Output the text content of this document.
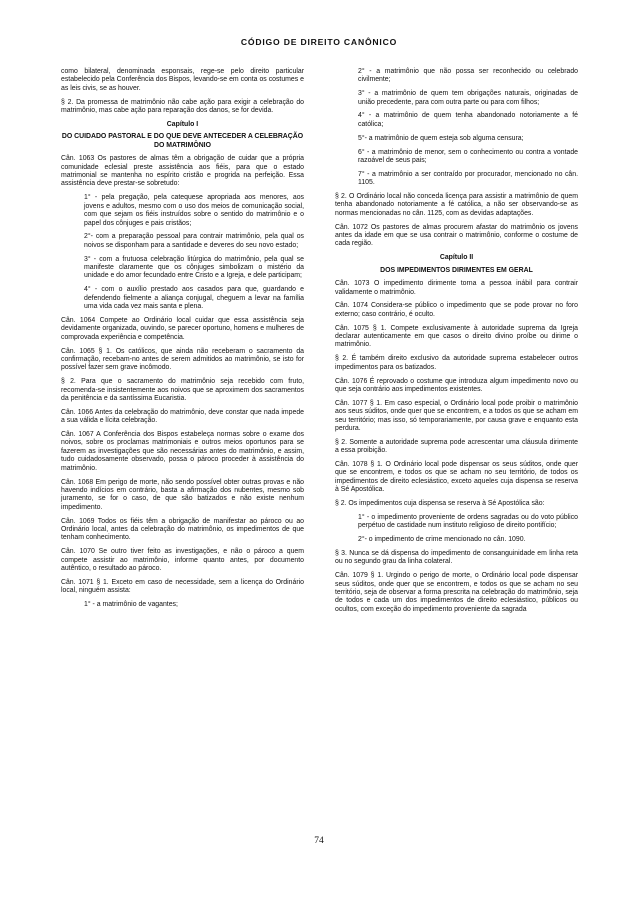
CÓDIGO DE DIREITO CANÔNICO
como bilateral, denominada esponsais, rege-se pelo direito particular estabelecido pela Conferência dos Bispos, levando-se em conta os costumes e as leis civis, se as houver.
§ 2. Da promessa de matrimônio não cabe ação para exigir a celebração do matrimônio, mas cabe ação para reparação dos danos, se for devida.
Capítulo I
DO CUIDADO PASTORAL E DO QUE DEVE ANTECEDER A CELEBRAÇÃO DO MATRIMÔNIO
Cân. 1063 Os pastores de almas têm a obrigação de cuidar que a própria comunidade eclesial preste assistência aos fiéis, para que o estado matrimonial se mantenha no espírito cristão e progrida na perfeição. Essa assistência deve prestar-se sobretudo:
1° - pela pregação, pela catequese apropriada aos menores, aos jovens e adultos, mesmo com o uso dos meios de comunicação social, com que sejam os fiéis instruídos sobre o sentido do matrimônio e o papel dos cônjuges e pais cristãos;
2°- com a preparação pessoal para contrair matrimônio, pela qual os noivos se disponham para a santidade e deveres do seu novo estado;
3° - com a frutuosa celebração litúrgica do matrimônio, pela qual se manifeste claramente que os cônjuges simbolizam o mistério da unidade e do amor fecundado entre Cristo e a Igreja, e dele participam;
4° - com o auxílio prestado aos casados para que, guardando e defendendo fielmente a aliança conjugal, cheguem a levar na família uma vida cada vez mais santa e plena.
Cân. 1064 Compete ao Ordinário local cuidar que essa assistência seja devidamente organizada, ouvindo, se parecer oportuno, homens e mulheres de comprovada experiência e competência.
Cân. 1065 § 1. Os católicos, que ainda não receberam o sacramento da confirmação, recebam-no antes de serem admitidos ao matrimônio, se isto for possível fazer sem grave incômodo.
§ 2. Para que o sacramento do matrimônio seja recebido com fruto, recomenda-se insistentemente aos noivos que se aproximem dos sacramentos da penitência e da santíssima Eucaristia.
Cân. 1066 Antes da celebração do matrimônio, deve constar que nada impede a sua válida e lícita celebração.
Cân. 1067 A Conferência dos Bispos estabeleça normas sobre o exame dos noivos, sobre os proclamas matrimoniais e outros meios oportunos para se fazerem as investigações que são necessárias antes do matrimônio, e assim, tudo cuidadosamente observado, possa o pároco proceder à assistência do matrimônio.
Cân. 1068 Em perigo de morte, não sendo possível obter outras provas e não havendo indícios em contrário, basta a afirmação dos nubentes, mesmo sob juramento, se for o caso, de que são batizados e não existe nenhum impedimento.
Cân. 1069 Todos os fiéis têm a obrigação de manifestar ao pároco ou ao Ordinário local, antes da celebração do matrimônio, os impedimentos de que tenham conhecimento.
Cân. 1070 Se outro tiver feito as investigações, e não o pároco a quem compete assistir ao matrimônio, informe quanto antes, por documento autêntico, o resultado ao pároco.
Cân. 1071 § 1. Exceto em caso de necessidade, sem a licença do Ordinário local, ninguém assista:
1° - a matrimônio de vagantes;
2° - a matrimônio que não possa ser reconhecido ou celebrado civilmente;
3° - a matrimônio de quem tem obrigações naturais, originadas de união precedente, para com outra parte ou para com filhos;
4° - a matrimônio de quem tenha abandonado notoriamente a fé católica;
5°- a matrimônio de quem esteja sob alguma censura;
6° - a matrimônio de menor, sem o conhecimento ou contra a vontade razoável de seus pais;
7° - a matrimônio a ser contraído por procurador, mencionado no cân. 1105.
§ 2. O Ordinário local não conceda licença para assistir a matrimônio de quem tenha abandonado notoriamente a fé católica, a não ser observando-se as normas mencionadas no cân. 1125, com as devidas adaptações.
Cân. 1072 Os pastores de almas procurem afastar do matrimônio os jovens antes da idade em que se usa contrair o matrimônio, conforme o costume de cada região.
Capítulo II
DOS IMPEDIMENTOS DIRIMENTES EM GERAL
Cân. 1073 O impedimento dirimente torna a pessoa inábil para contrair validamente o matrimônio.
Cân. 1074 Considera-se público o impedimento que se pode provar no foro externo; caso contrário, é oculto.
Cân. 1075 § 1. Compete exclusivamente à autoridade suprema da Igreja declarar autenticamente em que casos o direito divino proíbe ou dirime o matrimônio.
§ 2. É também direito exclusivo da autoridade suprema estabelecer outros impedimentos para os batizados.
Cân. 1076 É reprovado o costume que introduza algum impedimento novo ou que seja contrário aos impedimentos existentes.
Cân. 1077 § 1. Em caso especial, o Ordinário local pode proibir o matrimônio aos seus súditos, onde quer que se encontrem, e a todos os que se acham em seu território; mas isso, só temporariamente, por causa grave e enquanto esta perdura.
§ 2. Somente a autoridade suprema pode acrescentar uma cláusula dirimente a essa proibição.
Cân. 1078 § 1. O Ordinário local pode dispensar os seus súditos, onde quer que se encontrem, e todos os que se acham no seu território, de todos os impedimentos de direito eclesiástico, exceto aqueles cuja dispensa se reserva à Sé Apostólica.
§ 2. Os impedimentos cuja dispensa se reserva à Sé Apostólica são:
1° - o impedimento proveniente de ordens sagradas ou do voto público perpétuo de castidade num instituto religioso de direito pontifício;
2°- o impedimento de crime mencionado no cân. 1090.
§ 3. Nunca se dá dispensa do impedimento de consanguinidade em linha reta ou no segundo grau da linha colateral.
Cân. 1079 § 1. Urgindo o perigo de morte, o Ordinário local pode dispensar seus súditos, onde quer que se encontrem, e todos os que se acham no seu território, seja de observar a forma prescrita na celebração do matrimônio, seja de todos e cada um dos impedimentos de direito eclesiástico, públicos ou ocultos, com exceção do impedimento proveniente da sagrada
74
